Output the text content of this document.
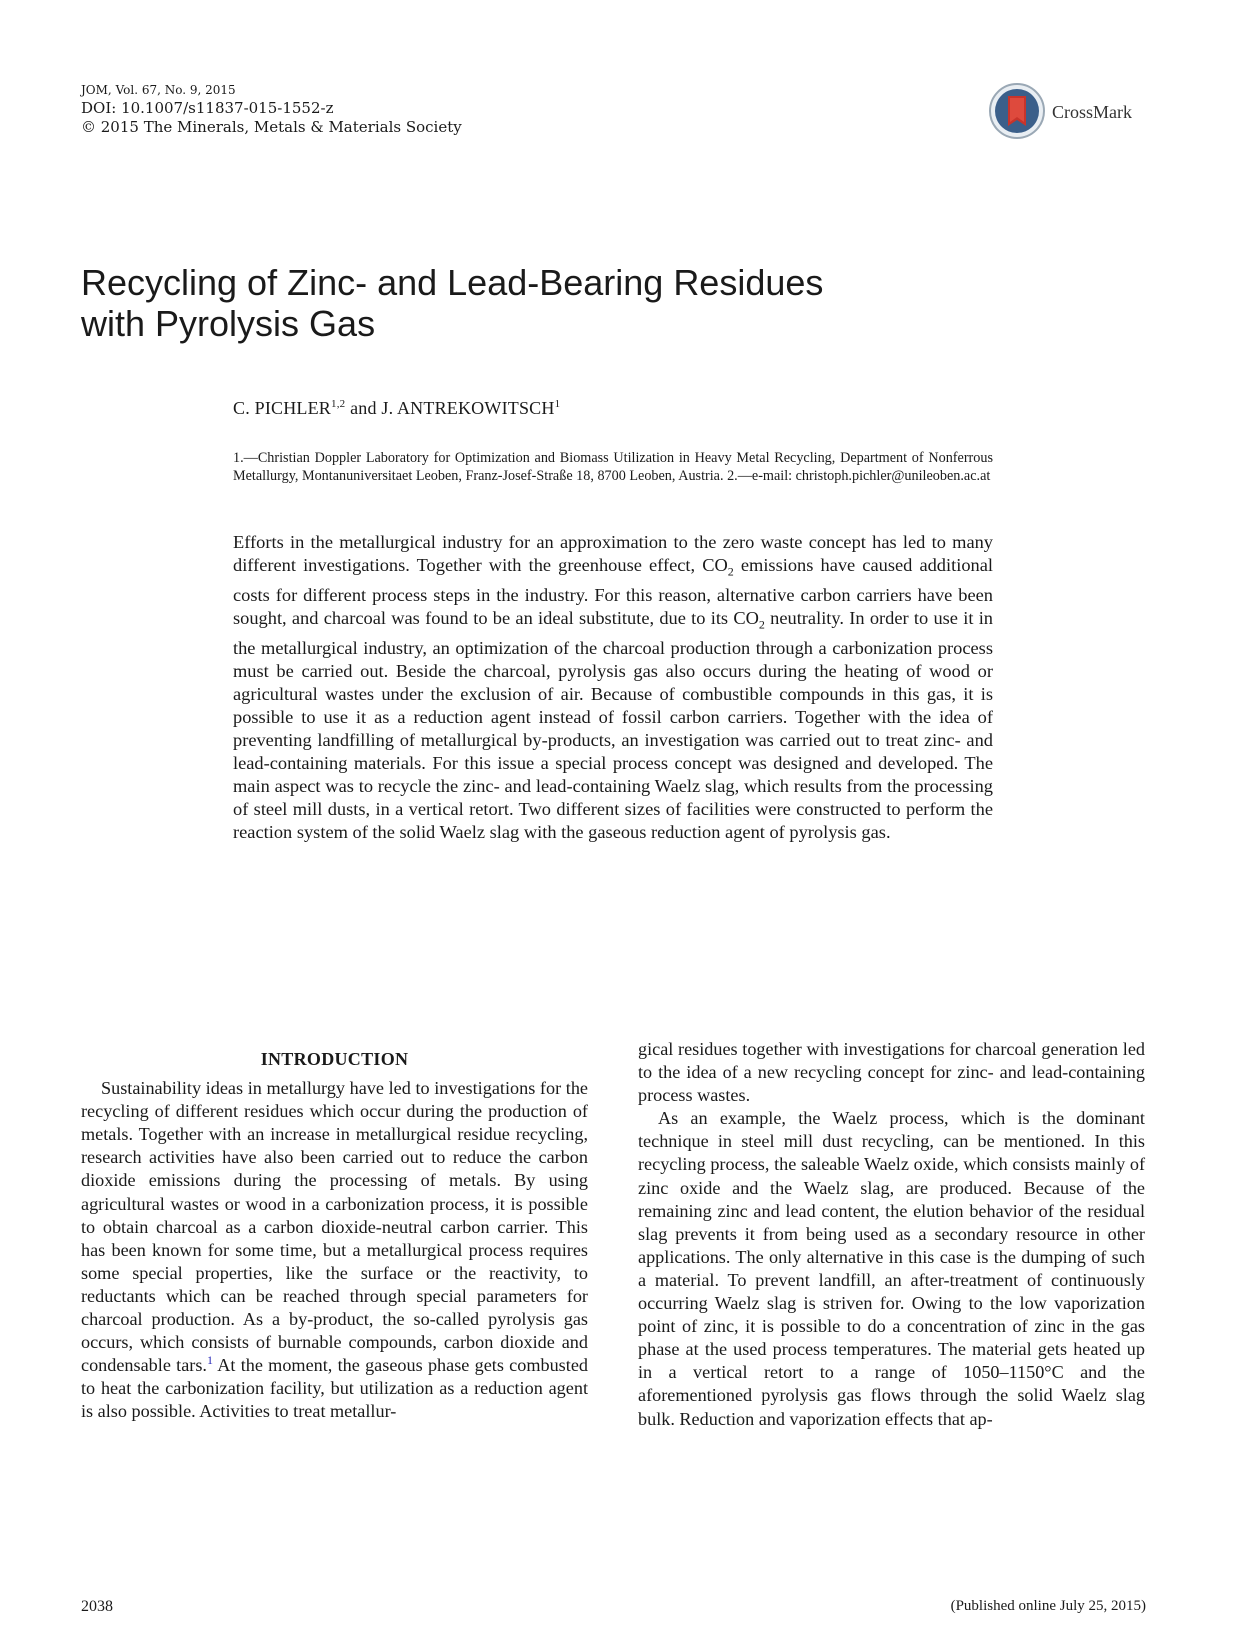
JOM, Vol. 67, No. 9, 2015
DOI: 10.1007/s11837-015-1552-z
© 2015 The Minerals, Metals & Materials Society
CrossMark
Recycling of Zinc- and Lead-Bearing Residues
with Pyrolysis Gas
C. PICHLER$^{1,2}$ and J. ANTREKOWITSCH$^1$
1.—Christian Doppler Laboratory for Optimization and Biomass Utilization in Heavy Metal Recycling, Department of Nonferrous Metallurgy, Montanuniversitaet Leoben, Franz-Josef-Straße 18, 8700 Leoben, Austria. 2.—e-mail: christoph.pichler@unileoben.ac.at

Efforts in the metallurgical industry for an approximation to the zero waste concept has led to many different investigations. Together with the greenhouse effect, $CO_2$ emissions have caused additional costs for different process steps in the industry. For this reason, alternative carbon carriers have been sought, and charcoal was found to be an ideal substitute, due to its $CO_2$ neutrality. In order to use it in the metallurgical industry, an optimization of the charcoal production through a carbonization process must be carried out. Beside the charcoal, pyrolysis gas also occurs during the heating of wood or agricultural wastes under the exclusion of air. Because of combustible compounds in this gas, it is possible to use it as a reduction agent instead of fossil carbon carriers. Together with the idea of preventing landfilling of metallurgical by-products, an investigation was carried out to treat zinc- and lead-containing materials. For this issue a special process concept was designed and developed. The main aspect was to recycle the zinc- and lead-containing Waelz slag, which results from the processing of steel mill dusts, in a vertical retort. Two different sizes of facilities were constructed to perform the reaction system of the solid Waelz slag with the gaseous reduction agent of pyrolysis gas.

INTRODUCTION

Sustainability ideas in metallurgy have led to investigations for the recycling of different residues which occur during the production of metals. Together with an increase in metallurgical residue recycling, research activities have also been carried out to reduce the carbon dioxide emissions during the processing of metals. By using agricultural wastes or wood in a carbonization process, it is possible to obtain charcoal as a carbon dioxide-neutral carbon carrier. This has been known for some time, but a metallurgical process requires some special properties, like the surface or the reactivity, to reductants which can be reached through special parameters for charcoal production. As a by-product, the so-called pyrolysis gas occurs, which consists of burnable compounds, carbon dioxide and condensable tars.$^1$ At the moment, the gaseous phase gets combusted to heat the carbonization facility, but utilization as a reduction agent is also possible. Activities to treat metallur-

gical residues together with investigations for charcoal generation led to the idea of a new recycling concept for zinc- and lead-containing process wastes.

As an example, the Waelz process, which is the dominant technique in steel mill dust recycling, can be mentioned. In this recycling process, the saleable Waelz oxide, which consists mainly of zinc oxide and the Waelz slag, are produced. Because of the remaining zinc and lead content, the elution behavior of the residual slag prevents it from being used as a secondary resource in other applications. The only alternative in this case is the dumping of such a material. To prevent landfill, an after-treatment of continuously occurring Waelz slag is striven for. Owing to the low vaporization point of zinc, it is possible to do a concentration of zinc in the gas phase at the used process temperatures. The material gets heated up in a vertical retort to a range of 1050–1150°C and the aforementioned pyrolysis gas flows through the solid Waelz slag bulk. Reduction and vaporization effects that ap-

2038	(Published online July 25, 2015)
